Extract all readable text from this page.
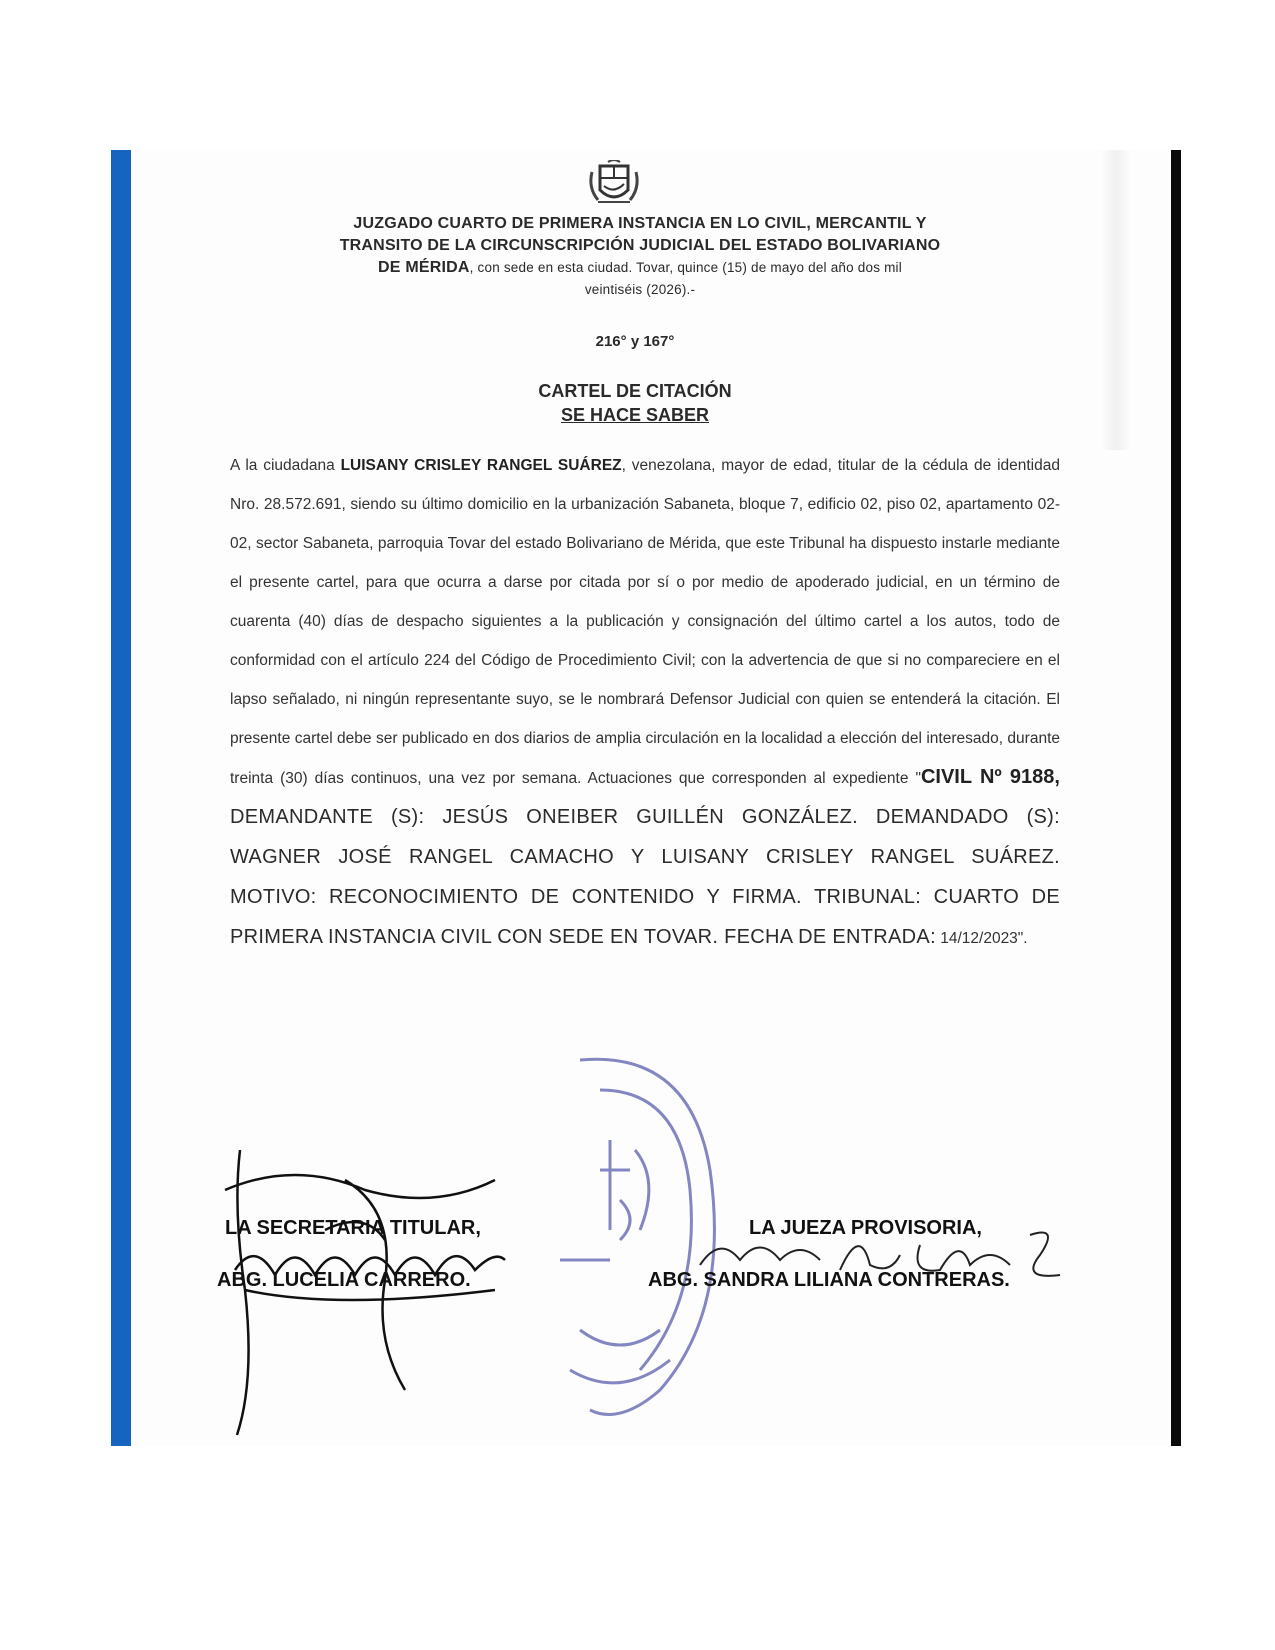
JUZGADO CUARTO DE PRIMERA INSTANCIA EN LO CIVIL, MERCANTIL Y
TRANSITO DE LA CIRCUNSCRIPCIÓN JUDICIAL DEL ESTADO BOLIVARIANO
DE MÉRIDA, con sede en esta ciudad. Tovar, quince (15) de mayo del año dos mil
veintiséis (2026).-
216° y 167°
CARTEL DE CITACIÓN
SE HACE SABER
A la ciudadana LUISANY CRISLEY RANGEL SUÁREZ, venezolana, mayor de edad, titular de la cédula de identidad Nro. 28.572.691, siendo su último domicilio en la urbanización Sabaneta, bloque 7, edificio 02, piso 02, apartamento 02-02, sector Sabaneta, parroquia Tovar del estado Bolivariano de Mérida, que este Tribunal ha dispuesto instarle mediante el presente cartel, para que ocurra a darse por citada por sí o por medio de apoderado judicial, en un término de cuarenta (40) días de despacho siguientes a la publicación y consignación del último cartel a los autos, todo de conformidad con el artículo 224 del Código de Procedimiento Civil; con la advertencia de que si no compareciere en el lapso señalado, ni ningún representante suyo, se le nombrará Defensor Judicial con quien se entenderá la citación. El presente cartel debe ser publicado en dos diarios de amplia circulación en la localidad a elección del interesado, durante treinta (30) días continuos, una vez por semana. Actuaciones que corresponden al expediente "CIVIL Nº 9188, DEMANDANTE (S): JESÚS ONEIBER GUILLÉN GONZÁLEZ. DEMANDADO (S): WAGNER JOSÉ RANGEL CAMACHO Y LUISANY CRISLEY RANGEL SUÁREZ. MOTIVO: RECONOCIMIENTO DE CONTENIDO Y FIRMA. TRIBUNAL: CUARTO DE PRIMERA INSTANCIA CIVIL CON SEDE EN TOVAR. FECHA DE ENTRADA: 14/12/2023".
LA SECRETARIA TITULAR,
ABG. LUCELIA CARRERO.
LA JUEZA PROVISORIA,
ABG. SANDRA LILIANA CONTRERAS.
